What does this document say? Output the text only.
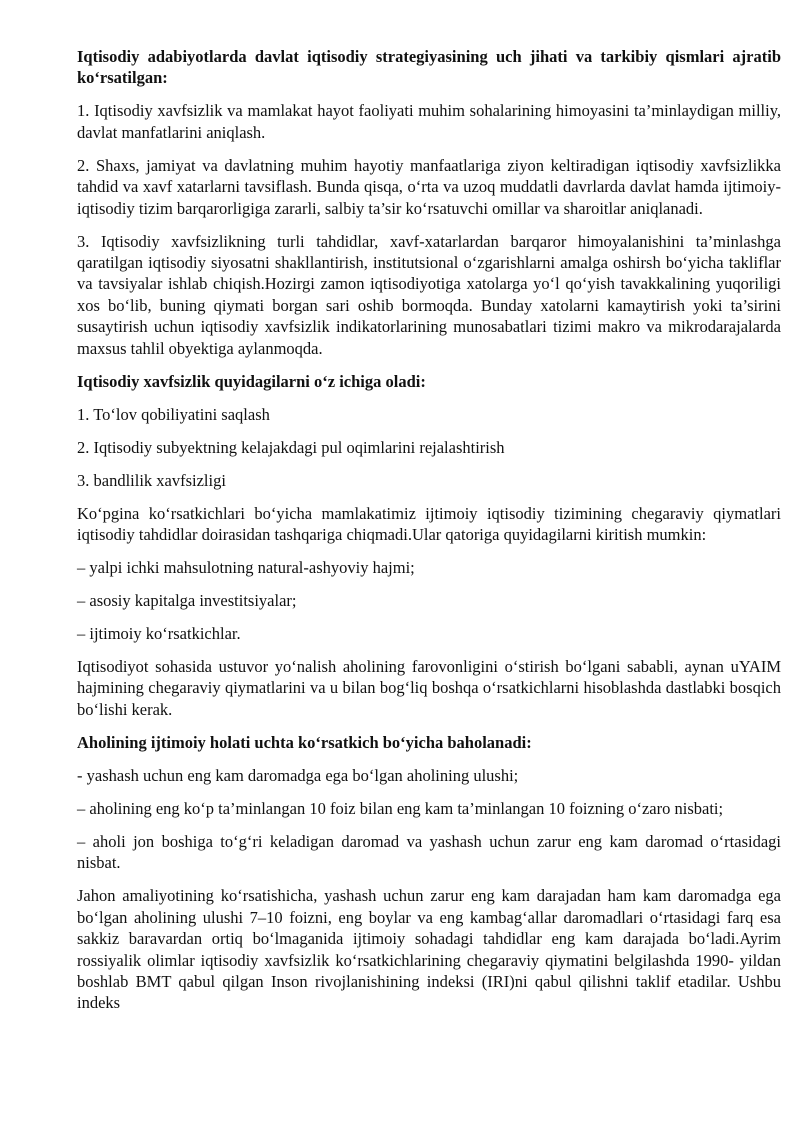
Iqtisodiy adabiyotlarda davlat iqtisodiy strategiyasining uch jihati va tarkibiy qismlari ajratib ko‘rsatilgan:

1. Iqtisodiy xavfsizlik va mamlakat hayot faoliyati muhim sohalarining himoyasini ta’minlaydigan milliy, davlat manfatlarini aniqlash.

2. Shaxs, jamiyat va davlatning muhim hayotiy manfaatlariga ziyon keltiradigan iqtisodiy xavfsizlikka tahdid va xavf xatarlarni tavsiflash. Bunda qisqa, o‘rta va uzoq muddatli davrlarda davlat hamda ijtimoiy- iqtisodiy tizim barqarorligiga zararli, salbiy ta’sir ko‘rsatuvchi omillar va sharoitlar aniqlanadi.

3. Iqtisodiy xavfsizlikning turli tahdidlar, xavf-xatarlardan barqaror himoyalanishini ta’minlashga qaratilgan iqtisodiy siyosatni shakllantirish, institutsional o‘zgarishlarni amalga oshirsh bo‘yicha takliflar va tavsiyalar ishlab chiqish.Hozirgi zamon iqtisodiyotiga xatolarga yo‘l qo‘yish tavakkalining yuqoriligi xos bo‘lib, buning qiymati borgan sari oshib bormoqda. Bunday xatolarni kamaytirish yoki ta’sirini susaytirish uchun iqtisodiy xavfsizlik indikatorlarining munosabatlari tizimi makro va mikrodarajalarda maxsus tahlil obyektiga aylanmoqda.

Iqtisodiy xavfsizlik quyidagilarni o‘z ichiga oladi:

1. To‘lov qobiliyatini saqlash

2. Iqtisodiy subyektning kelajakdagi pul oqimlarini rejalashtirish

3. bandlilik xavfsizligi

Ko‘pgina ko‘rsatkichlari bo‘yicha mamlakatimiz ijtimoiy iqtisodiy tizimining chegaraviy qiymatlari iqtisodiy tahdidlar doirasidan tashqariga chiqmadi.Ular qatoriga quyidagilarni kiritish mumkin:

– yalpi ichki mahsulotning natural-ashyoviy hajmi;

– asosiy kapitalga investitsiyalar;

– ijtimoiy ko‘rsatkichlar.

Iqtisodiyot sohasida ustuvor yo‘nalish aholining farovonligini o‘stirish bo‘lgani sababli, aynan uYAIM hajmining chegaraviy qiymatlarini va u bilan bog‘liq boshqa o‘rsatkichlarni hisoblashda dastlabki bosqich bo‘lishi kerak.

Aholining ijtimoiy holati uchta ko‘rsatkich bo‘yicha baholanadi:

- yashash uchun eng kam daromadga ega bo‘lgan aholining ulushi;

– aholining eng ko‘p ta’minlangan 10 foiz bilan eng kam ta’minlangan 10 foizning o‘zaro nisbati;

– aholi jon boshiga to‘g‘ri keladigan daromad va yashash uchun zarur eng kam daromad o‘rtasidagi nisbat.

Jahon amaliyotining ko‘rsatishicha, yashash uchun zarur eng kam darajadan ham kam daromadga ega bo‘lgan aholining ulushi 7–10 foizni, eng boylar va eng kambag‘allar daromadlari o‘rtasidagi farq esa sakkiz baravardan ortiq bo‘lmaganida ijtimoiy sohadagi tahdidlar eng kam darajada bo‘ladi.Ayrim rossiyalik olimlar iqtisodiy xavfsizlik ko‘rsatkichlarining chegaraviy qiymatini belgilashda 1990- yildan boshlab BMT qabul qilgan Inson rivojlanishining indeksi (IRI)ni qabul qilishni taklif etadilar. Ushbu indeks
